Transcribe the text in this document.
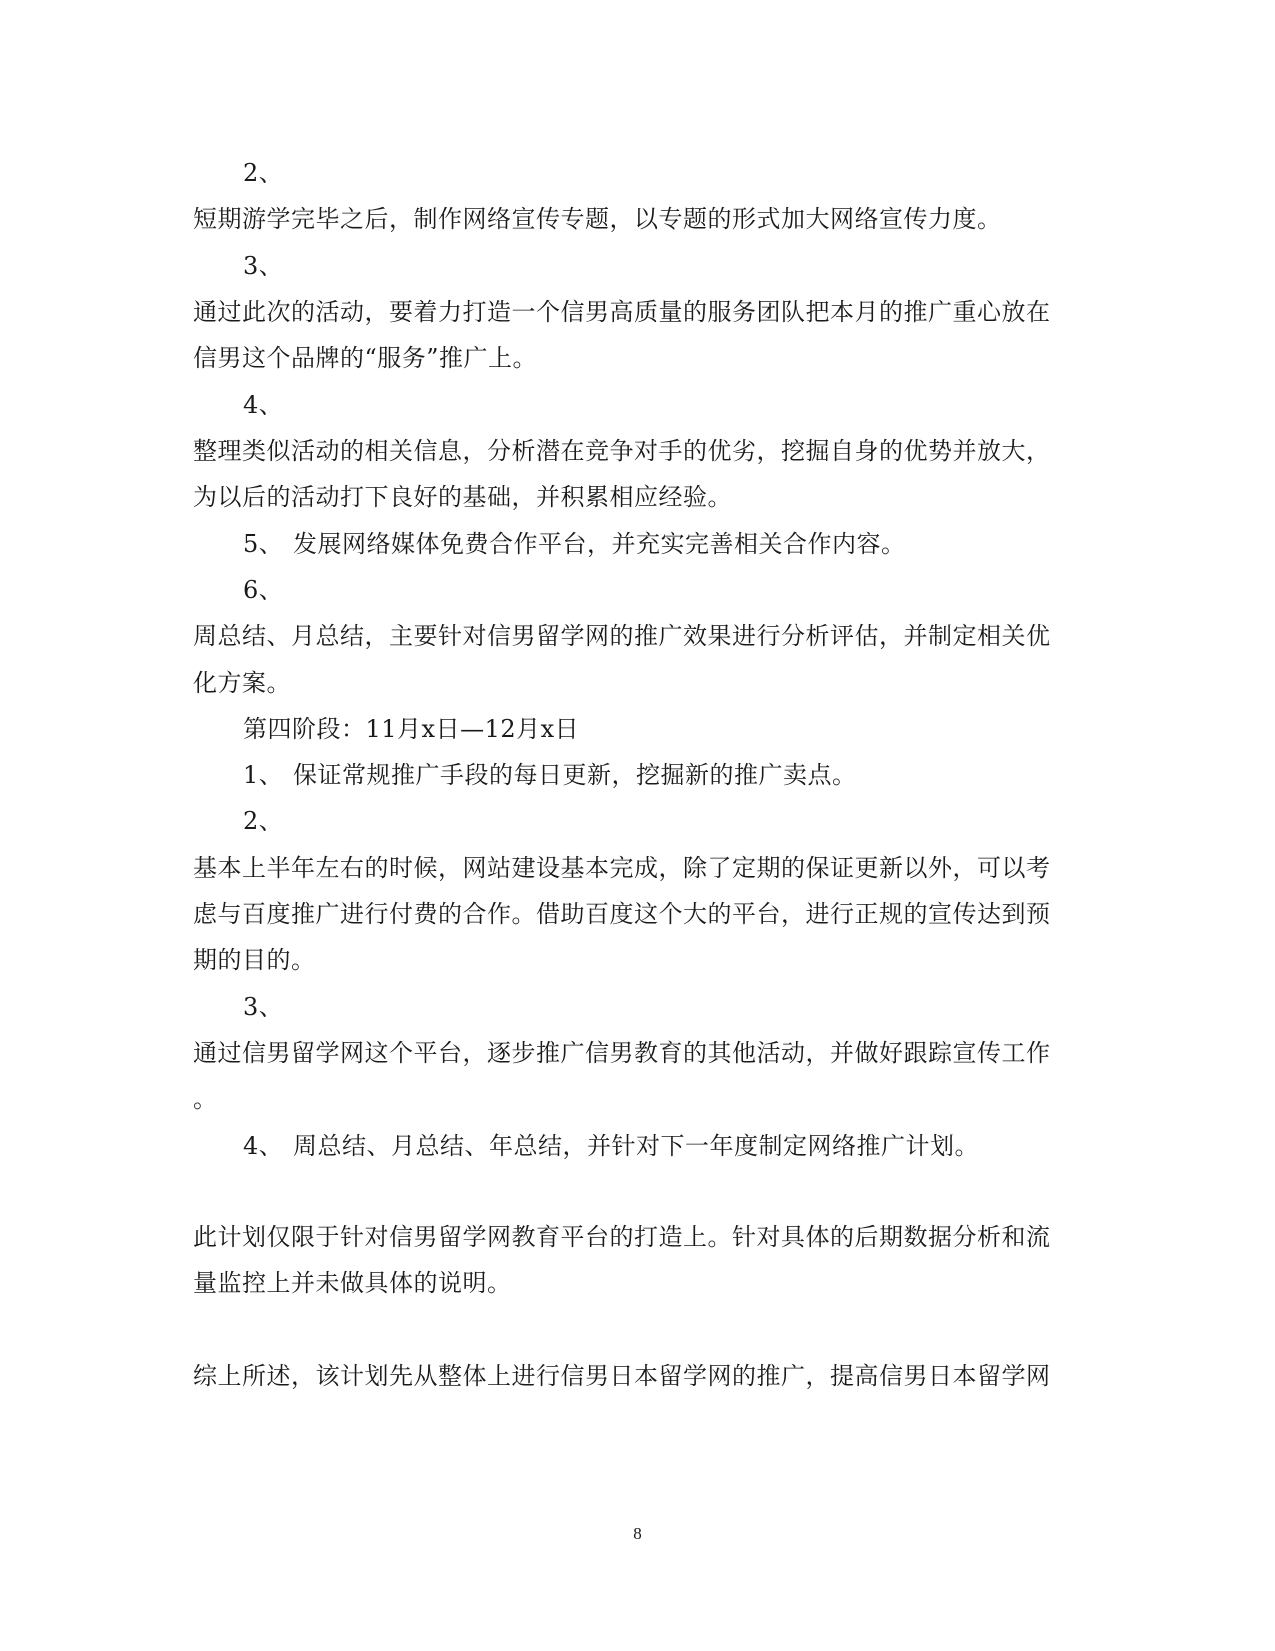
2、
短期游学完毕之后，制作网络宣传专题，以专题的形式加大网络宣传力度。
3、
通过此次的活动，要着力打造一个信男高质量的服务团队把本月的推广重心放在
信男这个品牌的“服务”推广上。
4、
整理类似活动的相关信息，分析潜在竞争对手的优劣，挖掘自身的优势并放大，
为以后的活动打下良好的基础，并积累相应经验。
5、 发展网络媒体免费合作平台，并充实完善相关合作内容。
6、
周总结、月总结，主要针对信男留学网的推广效果进行分析评估，并制定相关优
化方案。
第四阶段：11月x日—12月x日
1、 保证常规推广手段的每日更新，挖掘新的推广卖点。
2、
基本上半年左右的时候，网站建设基本完成，除了定期的保证更新以外，可以考
虑与百度推广进行付费的合作。借助百度这个大的平台，进行正规的宣传达到预
期的目的。
3、
通过信男留学网这个平台，逐步推广信男教育的其他活动，并做好跟踪宣传工作
。
4、 周总结、月总结、年总结，并针对下一年度制定网络推广计划。
此计划仅限于针对信男留学网教育平台的打造上。针对具体的后期数据分析和流
量监控上并未做具体的说明。
综上所述，该计划先从整体上进行信男日本留学网的推广，提高信男日本留学网
8
